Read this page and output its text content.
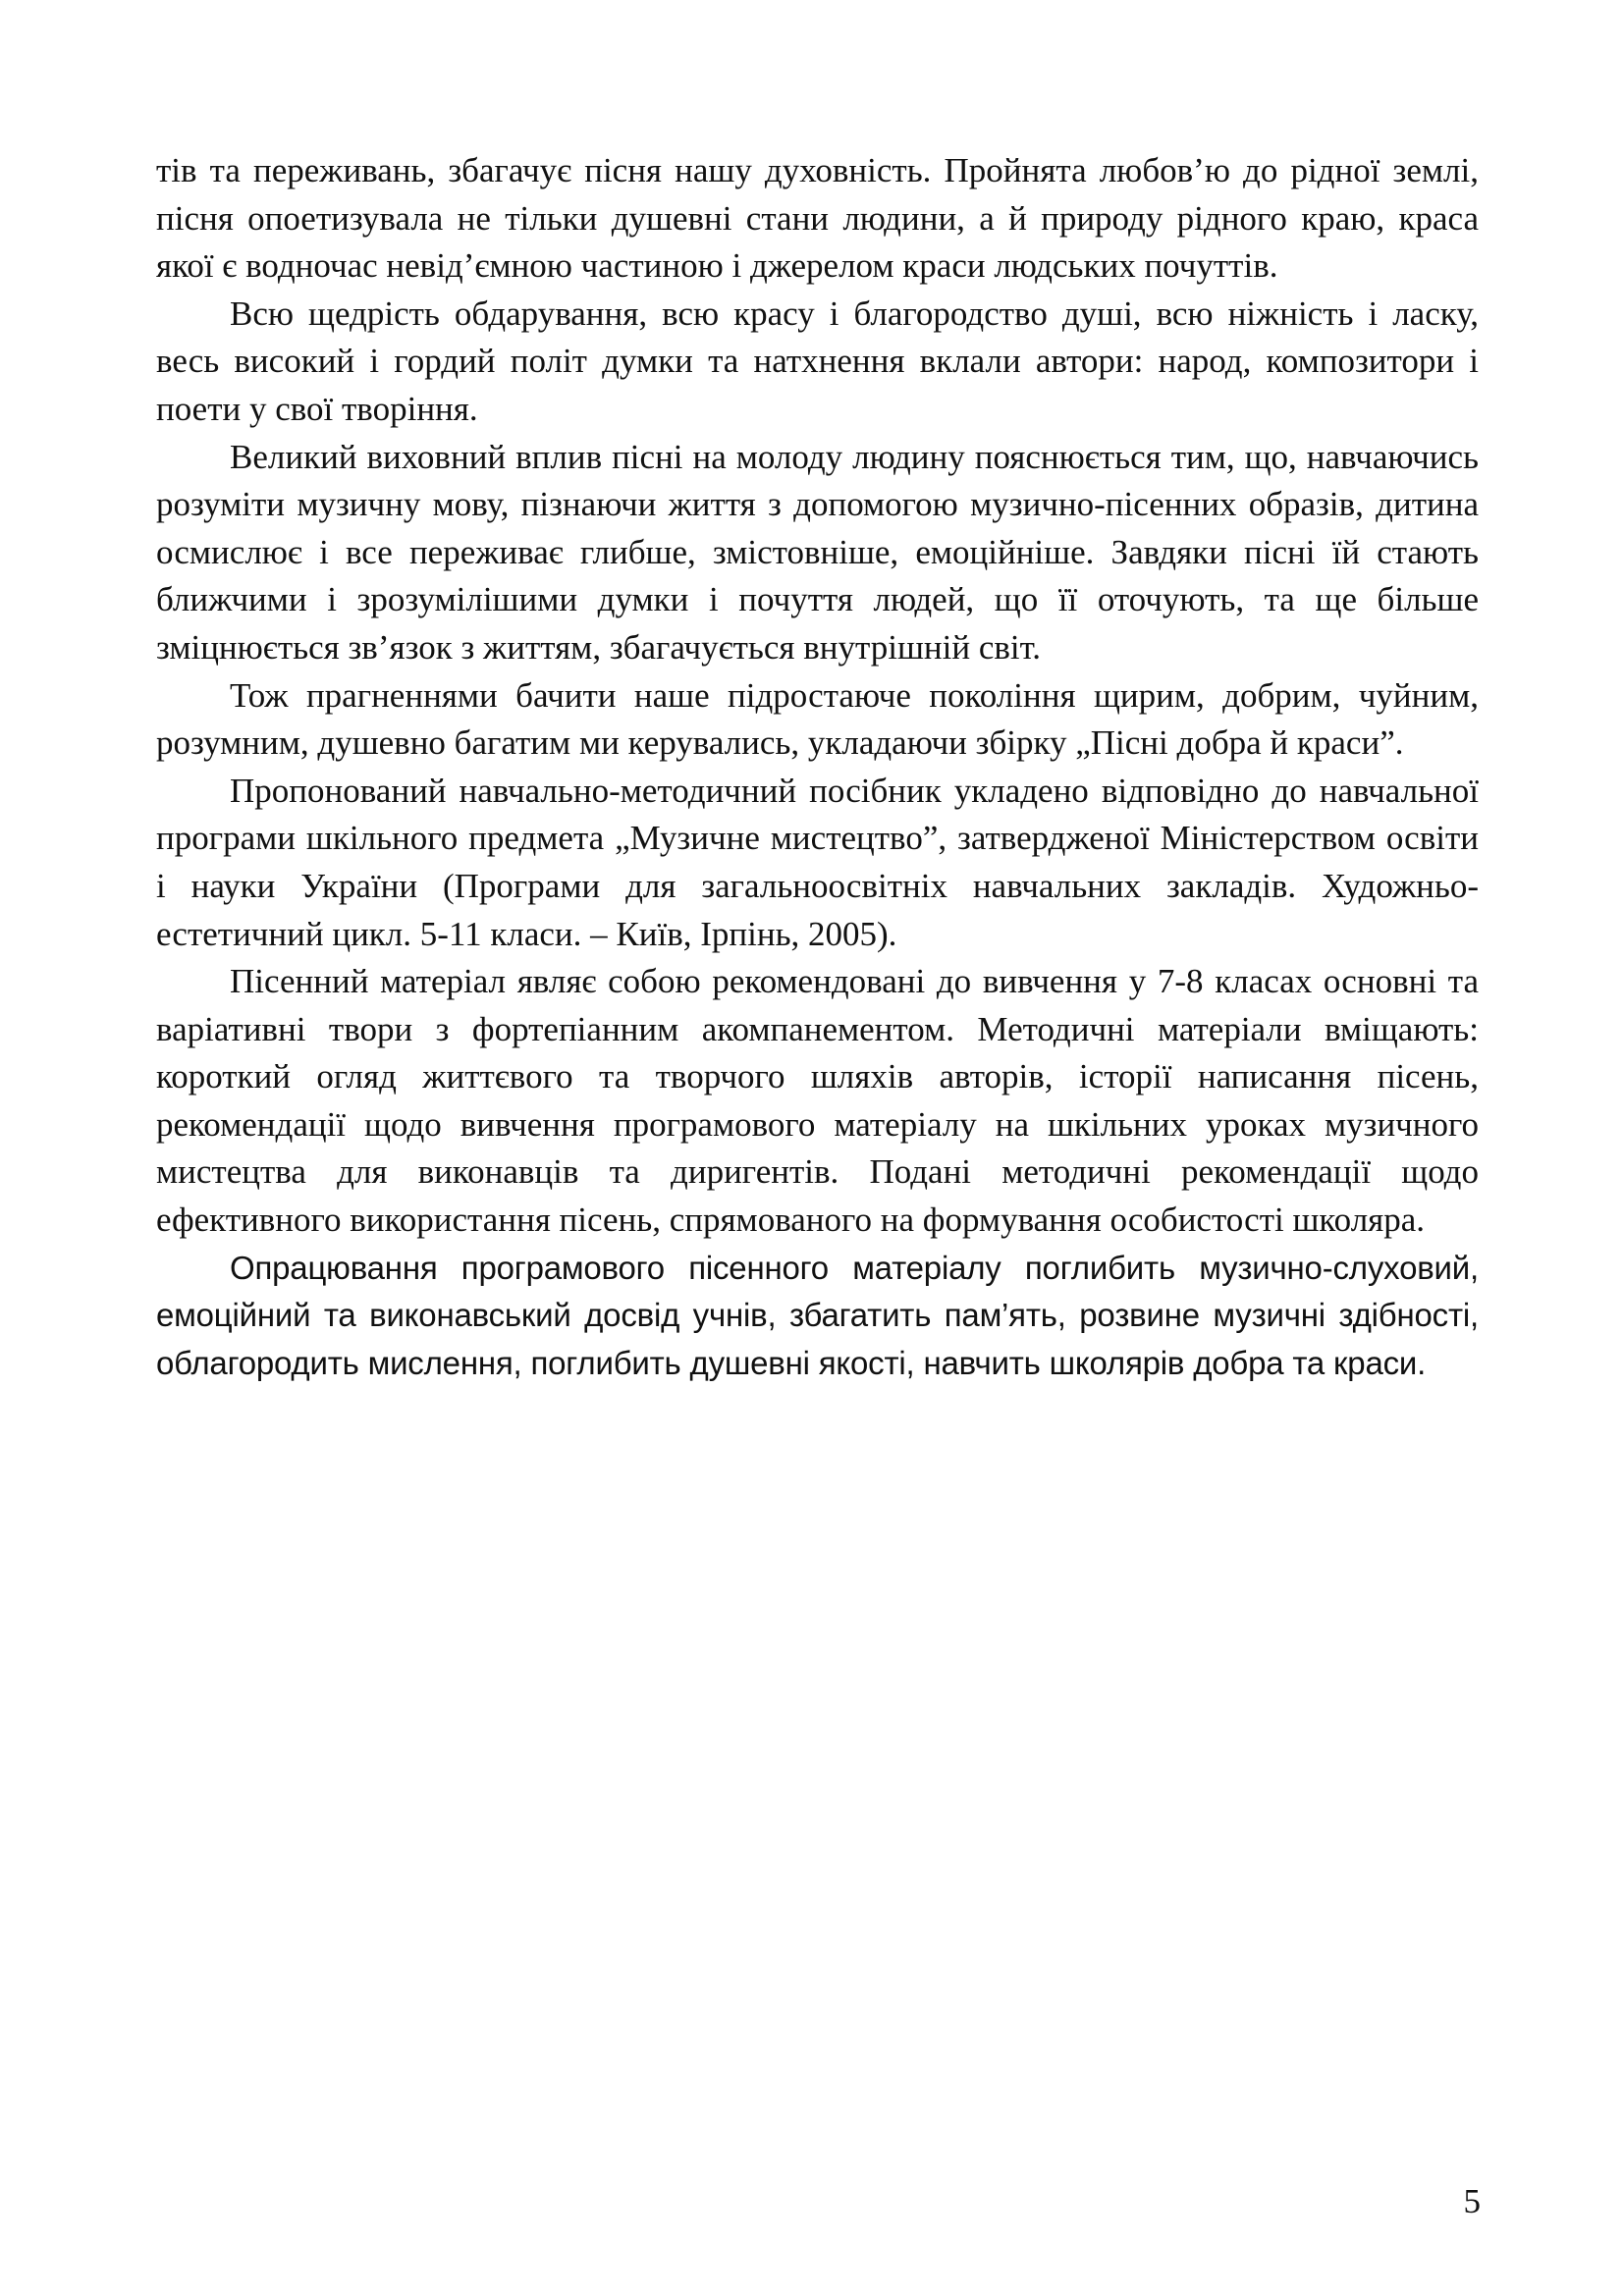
тів та переживань, збагачує пісня нашу духовність. Пройнята любов’ю до рідної землі, пісня опоетизувала не тільки душевні стани людини, а й природу рідного краю, краса якої є водночас невід’ємною частиною і джерелом краси людських почуттів.

Всю щедрість обдарування, всю красу і благородство душі, всю ніжність і ласку, весь високий і гордий політ думки та натхнення вклали автори: народ, композитори і поети у свої творіння.

Великий виховний вплив пісні на молоду людину пояснюється тим, що, навчаючись розуміти музичну мову, пізнаючи життя з допомогою музично-пісенних образів, дитина осмислює і все переживає глибше, змістовніше, емоційніше. Завдяки пісні їй стають ближчими і зрозумілішими думки і почуття людей, що її оточують, та ще більше зміцнюється зв’язок з життям, збагачується внутрішній світ.

Тож прагненнями бачити наше підростаюче покоління щирим, добрим, чуйним, розумним, душевно багатим ми керувались, укладаючи збірку „Пісні добра й краси”.

Пропонований навчально-методичний посібник укладено відповідно до навчальної програми шкільного предмета „Музичне мистецтво”, затвердженої Міністерством освіти і науки України (Програми для загальноосвітніх навчальних закладів. Художньо-естетичний цикл. 5-11 класи. – Київ, Ірпінь, 2005).

Пісенний матеріал являє собою рекомендовані до вивчення у 7-8 класах основні та варіативні твори з фортепіанним акомпанементом. Методичні матеріали вміщають: короткий огляд життєвого та творчого шляхів авторів, історії написання пісень, рекомендації щодо вивчення програмового матеріалу на шкільних уроках музичного мистецтва для виконавців та диригентів. Подані методичні рекомендації щодо ефективного використання пісень, спрямованого на формування особистості школяра.

Опрацювання програмового пісенного матеріалу поглибить музично-слуховий, емоційний та виконавський досвід учнів, збагатить пам’ять, розвине музичні здібності, облагородить мислення, поглибить душевні якості, навчить школярів добра та краси.

5
